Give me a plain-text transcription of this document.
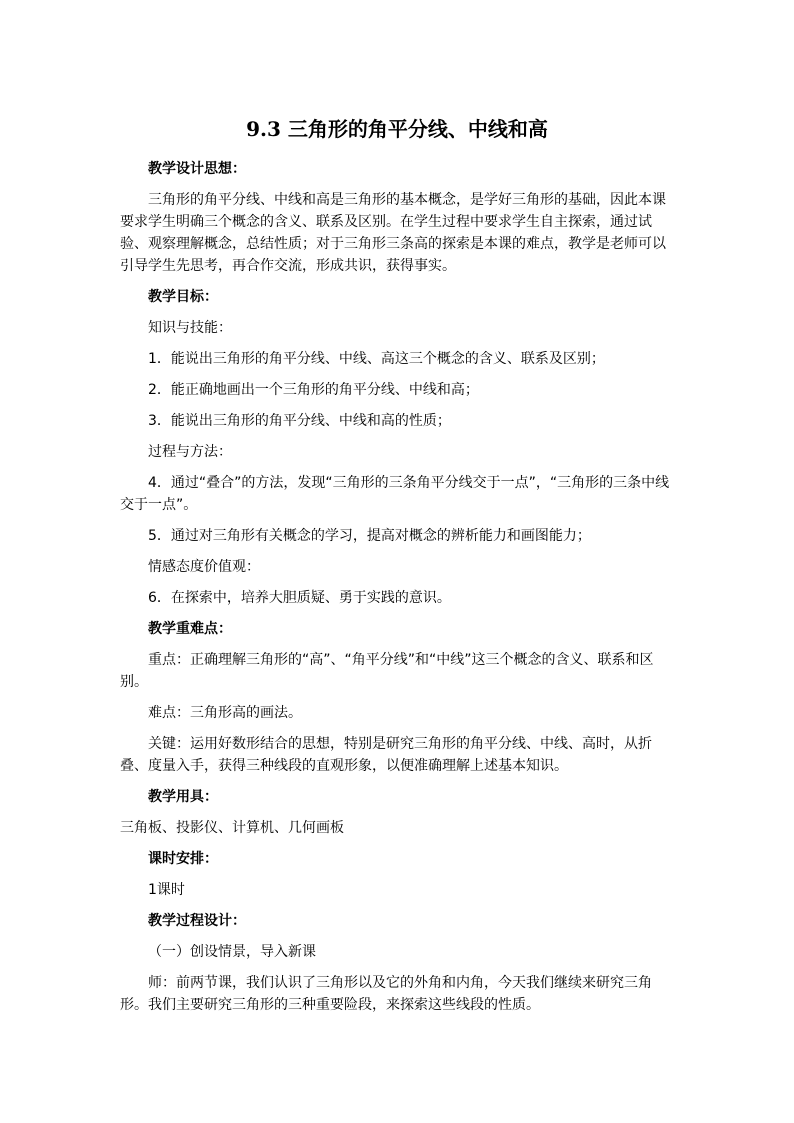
9.3 三角形的角平分线、中线和高

教学设计思想：

三角形的角平分线、中线和高是三角形的基本概念，是学好三角形的基础，因此本课要求学生明确三个概念的含义、联系及区别。在学生过程中要求学生自主探索，通过试验、观察理解概念，总结性质；对于三角形三条高的探索是本课的难点，教学是老师可以引导学生先思考，再合作交流，形成共识，获得事实。

教学目标：

知识与技能：

1．能说出三角形的角平分线、中线、高这三个概念的含义、联系及区别；

2．能正确地画出一个三角形的角平分线、中线和高；

3．能说出三角形的角平分线、中线和高的性质；

过程与方法：

4．通过“叠合”的方法，发现“三角形的三条角平分线交于一点”，“三角形的三条中线交于一点”。

5．通过对三角形有关概念的学习，提高对概念的辨析能力和画图能力；

情感态度价值观：

6．在探索中，培养大胆质疑、勇于实践的意识。

教学重难点：

重点：正确理解三角形的“高”、“角平分线”和“中线”这三个概念的含义、联系和区别。

难点：三角形高的画法。

关键：运用好数形结合的思想，特别是研究三角形的角平分线、中线、高时，从折叠、度量入手，获得三种线段的直观形象，以便准确理解上述基本知识。

教学用具：

三角板、投影仪、计算机、几何画板

课时安排：

1课时

教学过程设计：

（一）创设情景，导入新课

师：前两节课，我们认识了三角形以及它的外角和内角，今天我们继续来研究三角形。我们主要研究三角形的三种重要险段，来探索这些线段的性质。
